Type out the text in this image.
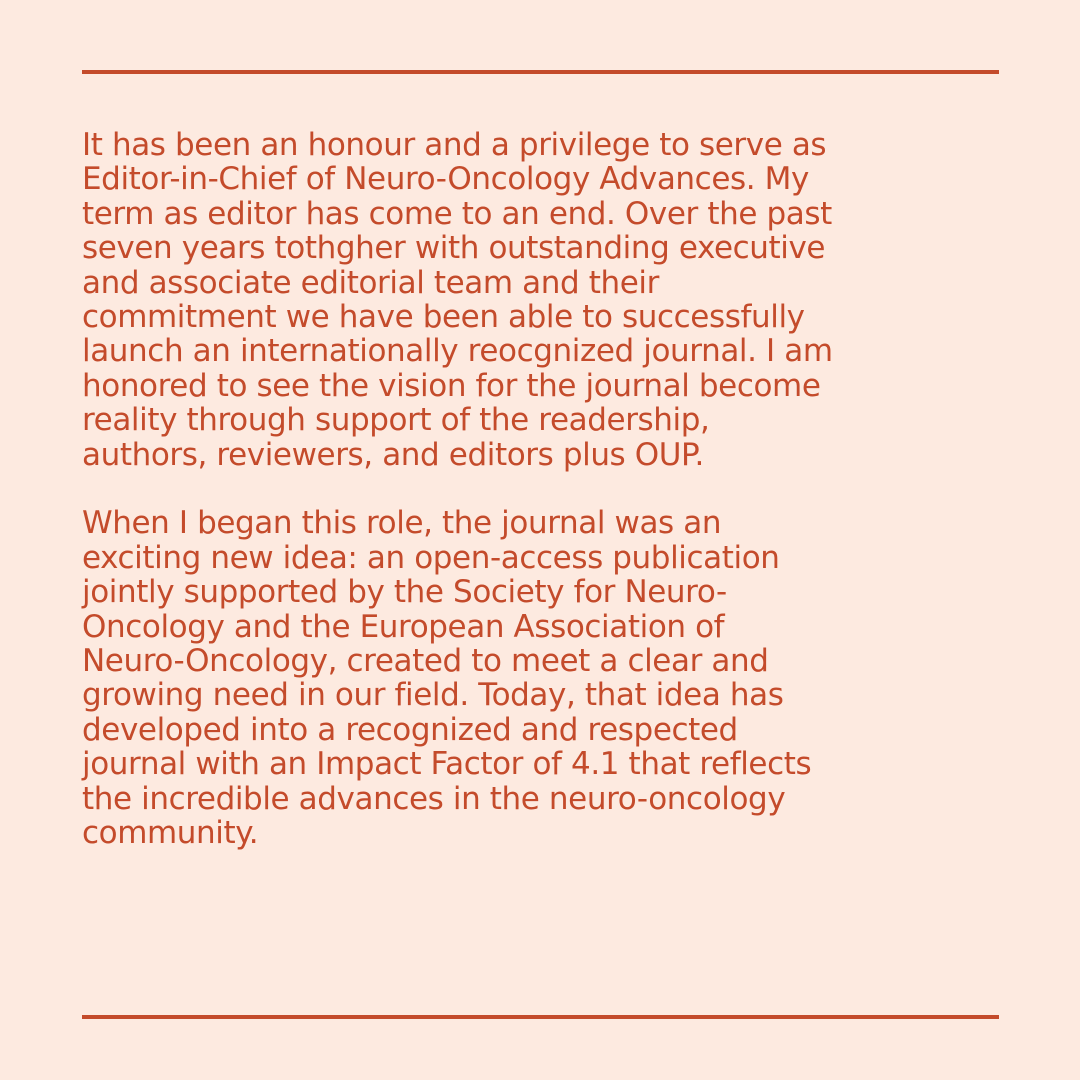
It has been an honour and a privilege to serve as
Editor-in-Chief of Neuro-Oncology Advances. My
term as editor has come to an end. Over the past
seven years tothgher with outstanding executive
and associate editorial team and their
commitment we have been able to successfully
launch an internationally reocgnized journal. I am
honored to see the vision for the journal become
reality through support of the readership,
authors, reviewers, and editors plus OUP.

When I began this role, the journal was an
exciting new idea: an open-access publication
jointly supported by the Society for Neuro-
Oncology and the European Association of
Neuro-Oncology, created to meet a clear and
growing need in our field. Today, that idea has
developed into a recognized and respected
journal with an Impact Factor of 4.1 that reflects
the incredible advances in the neuro-oncology
community.
